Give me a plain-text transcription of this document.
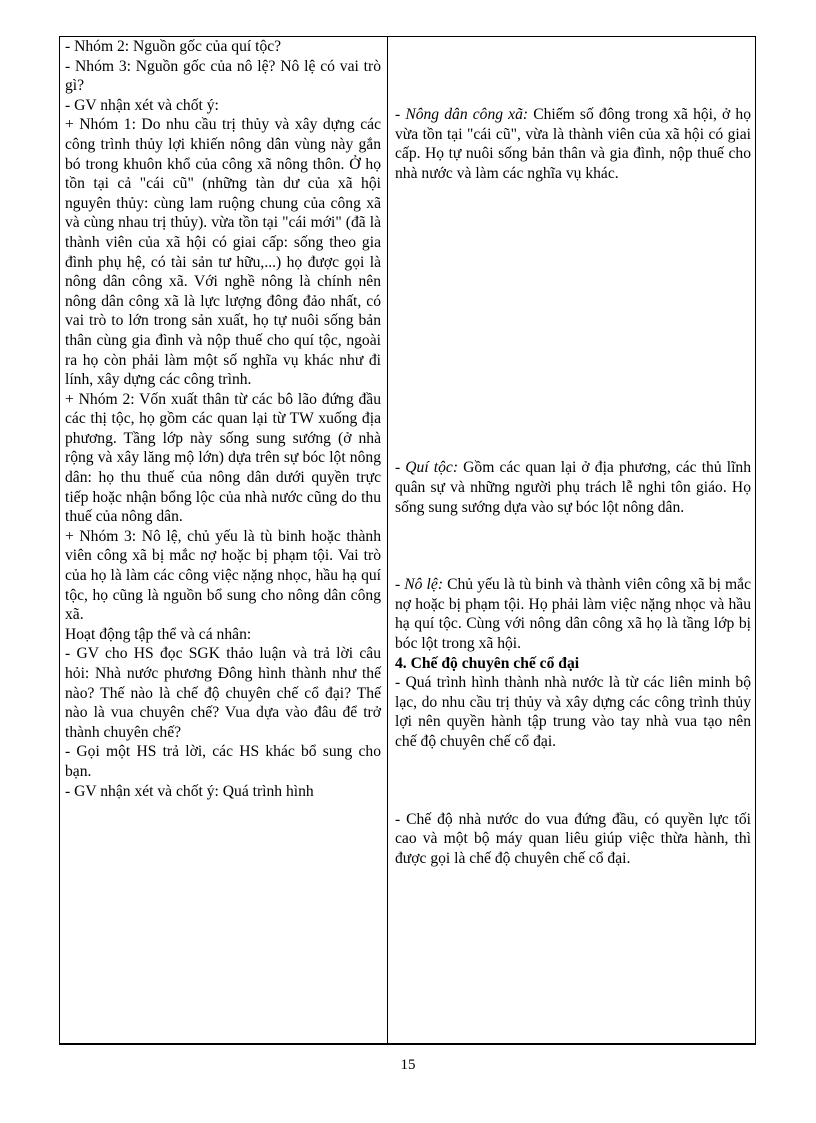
- Nhóm 2: Nguồn gốc của quí tộc?

- Nhóm 3: Nguồn gốc của nô lệ? Nô lệ có vai trò gì?

- GV nhận xét và chốt ý:

+ Nhóm 1: Do nhu cầu trị thủy và xây dựng các công trình thủy lợi khiến nông dân vùng này gắn bó trong khuôn khổ của công xã nông thôn. Ở họ tồn tại cả "cái cũ" (những tàn dư của xã hội nguyên thủy: cùng lam ruộng chung của công xã và cùng nhau trị thủy). vừa tồn tại "cái mới" (đã là thành viên của xã hội có giai cấp: sống theo gia đình phụ hệ, có tài sản tư hữu,...) họ được gọi là nông dân công xã. Với nghề nông là chính nên nông dân công xã là lực lượng đông đảo nhất, có vai trò to lớn trong sản xuất, họ tự nuôi sống bản thân cùng gia đình và nộp thuế cho quí tộc, ngoài ra họ còn phải làm một số nghĩa vụ khác như đi lính, xây dựng các công trình.

+ Nhóm 2: Vốn xuất thân từ các bô lão đứng đầu các thị tộc, họ gồm các quan lại từ TW xuống địa phương. Tầng lớp này sống sung sướng (ở nhà rộng và xây lăng mộ lớn) dựa trên sự bóc lột nông dân: họ thu thuế của nông dân dưới quyền trực tiếp hoặc nhận bổng lộc của nhà nước cũng do thu thuế của nông dân.

+ Nhóm 3: Nô lệ, chủ yếu là tù binh hoặc thành viên công xã bị mắc nợ hoặc bị phạm tội. Vai trò của họ là làm các công việc nặng nhọc, hầu hạ quí tộc, họ cũng là nguồn bổ sung cho nông dân công xã.

Hoạt động tập thể và cá nhân:

- GV cho HS đọc SGK thảo luận và trả lời câu hỏi: Nhà nước phương Đông hình thành như thế nào? Thế nào là chế độ chuyên chế cổ đại? Thế nào là vua chuyên chế? Vua dựa vào đâu để trở thành chuyên chế?

- Gọi một HS trả lời, các HS khác bổ sung cho bạn.

- GV nhận xét và chốt ý: Quá trình hình

- Nông dân công xã: Chiếm số đông trong xã hội, ở họ vừa tồn tại "cái cũ", vừa là thành viên của xã hội có giai cấp. Họ tự nuôi sống bản thân và gia đình, nộp thuế cho nhà nước và làm các nghĩa vụ khác.

- Quí tộc: Gồm các quan lại ở địa phương, các thủ lĩnh quân sự và những người phụ trách lễ nghi tôn giáo. Họ sống sung sướng dựa vào sự bóc lột nông dân.

- Nô lệ: Chủ yếu là tù binh và thành viên công xã bị mắc nợ hoặc bị phạm tội. Họ phải làm việc nặng nhọc và hầu hạ quí tộc. Cùng với nông dân công xã họ là tầng lớp bị bóc lột trong xã hội.

4. Chế độ chuyên chế cổ đại

- Quá trình hình thành nhà nước là từ các liên minh bộ lạc, do nhu cầu trị thủy và xây dựng các công trình thủy lợi nên quyền hành tập trung vào tay nhà vua tạo nên chế độ chuyên chế cổ đại.

- Chế độ nhà nước do vua đứng đầu, có quyền lực tối cao và một bộ máy quan liêu giúp việc thừa hành, thì được gọi là chế độ chuyên chế cổ đại.

15
